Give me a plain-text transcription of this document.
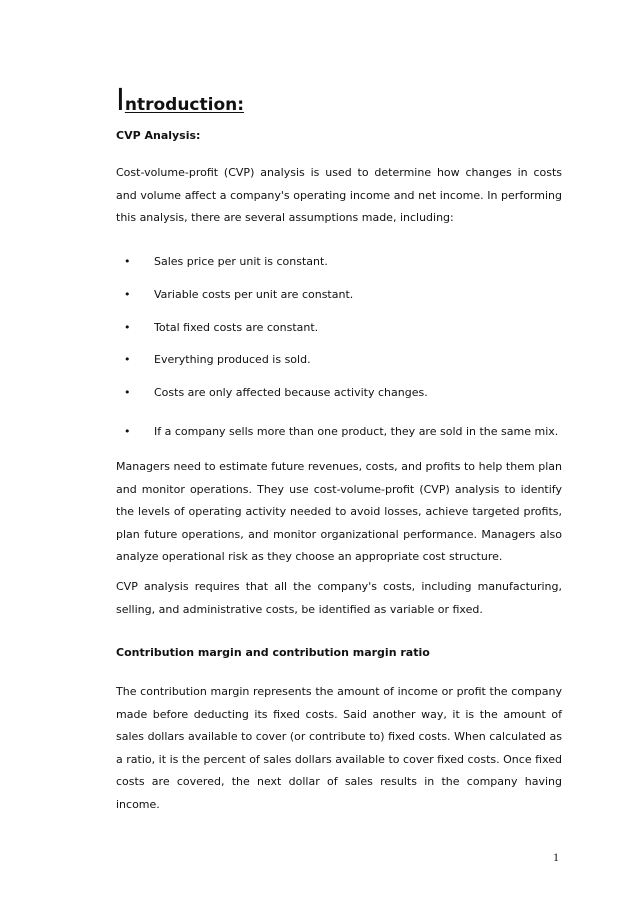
Introduction:

CVP Analysis:

Cost-volume-profit (CVP) analysis is used to determine how changes in costs and volume affect a company's operating income and net income. In performing this analysis, there are several assumptions made, including:

• Sales price per unit is constant.
• Variable costs per unit are constant.
• Total fixed costs are constant.
• Everything produced is sold.
• Costs are only affected because activity changes.
• If a company sells more than one product, they are sold in the same mix.

Managers need to estimate future revenues, costs, and profits to help them plan and monitor operations. They use cost-volume-profit (CVP) analysis to identify the levels of operating activity needed to avoid losses, achieve targeted profits, plan future operations, and monitor organizational performance. Managers also analyze operational risk as they choose an appropriate cost structure.

CVP analysis requires that all the company's costs, including manufacturing, selling, and administrative costs, be identified as variable or fixed.

Contribution margin and contribution margin ratio

The contribution margin represents the amount of income or profit the company made before deducting its fixed costs. Said another way, it is the amount of sales dollars available to cover (or contribute to) fixed costs. When calculated as a ratio, it is the percent of sales dollars available to cover fixed costs. Once fixed costs are covered, the next dollar of sales results in the company having income.

1
